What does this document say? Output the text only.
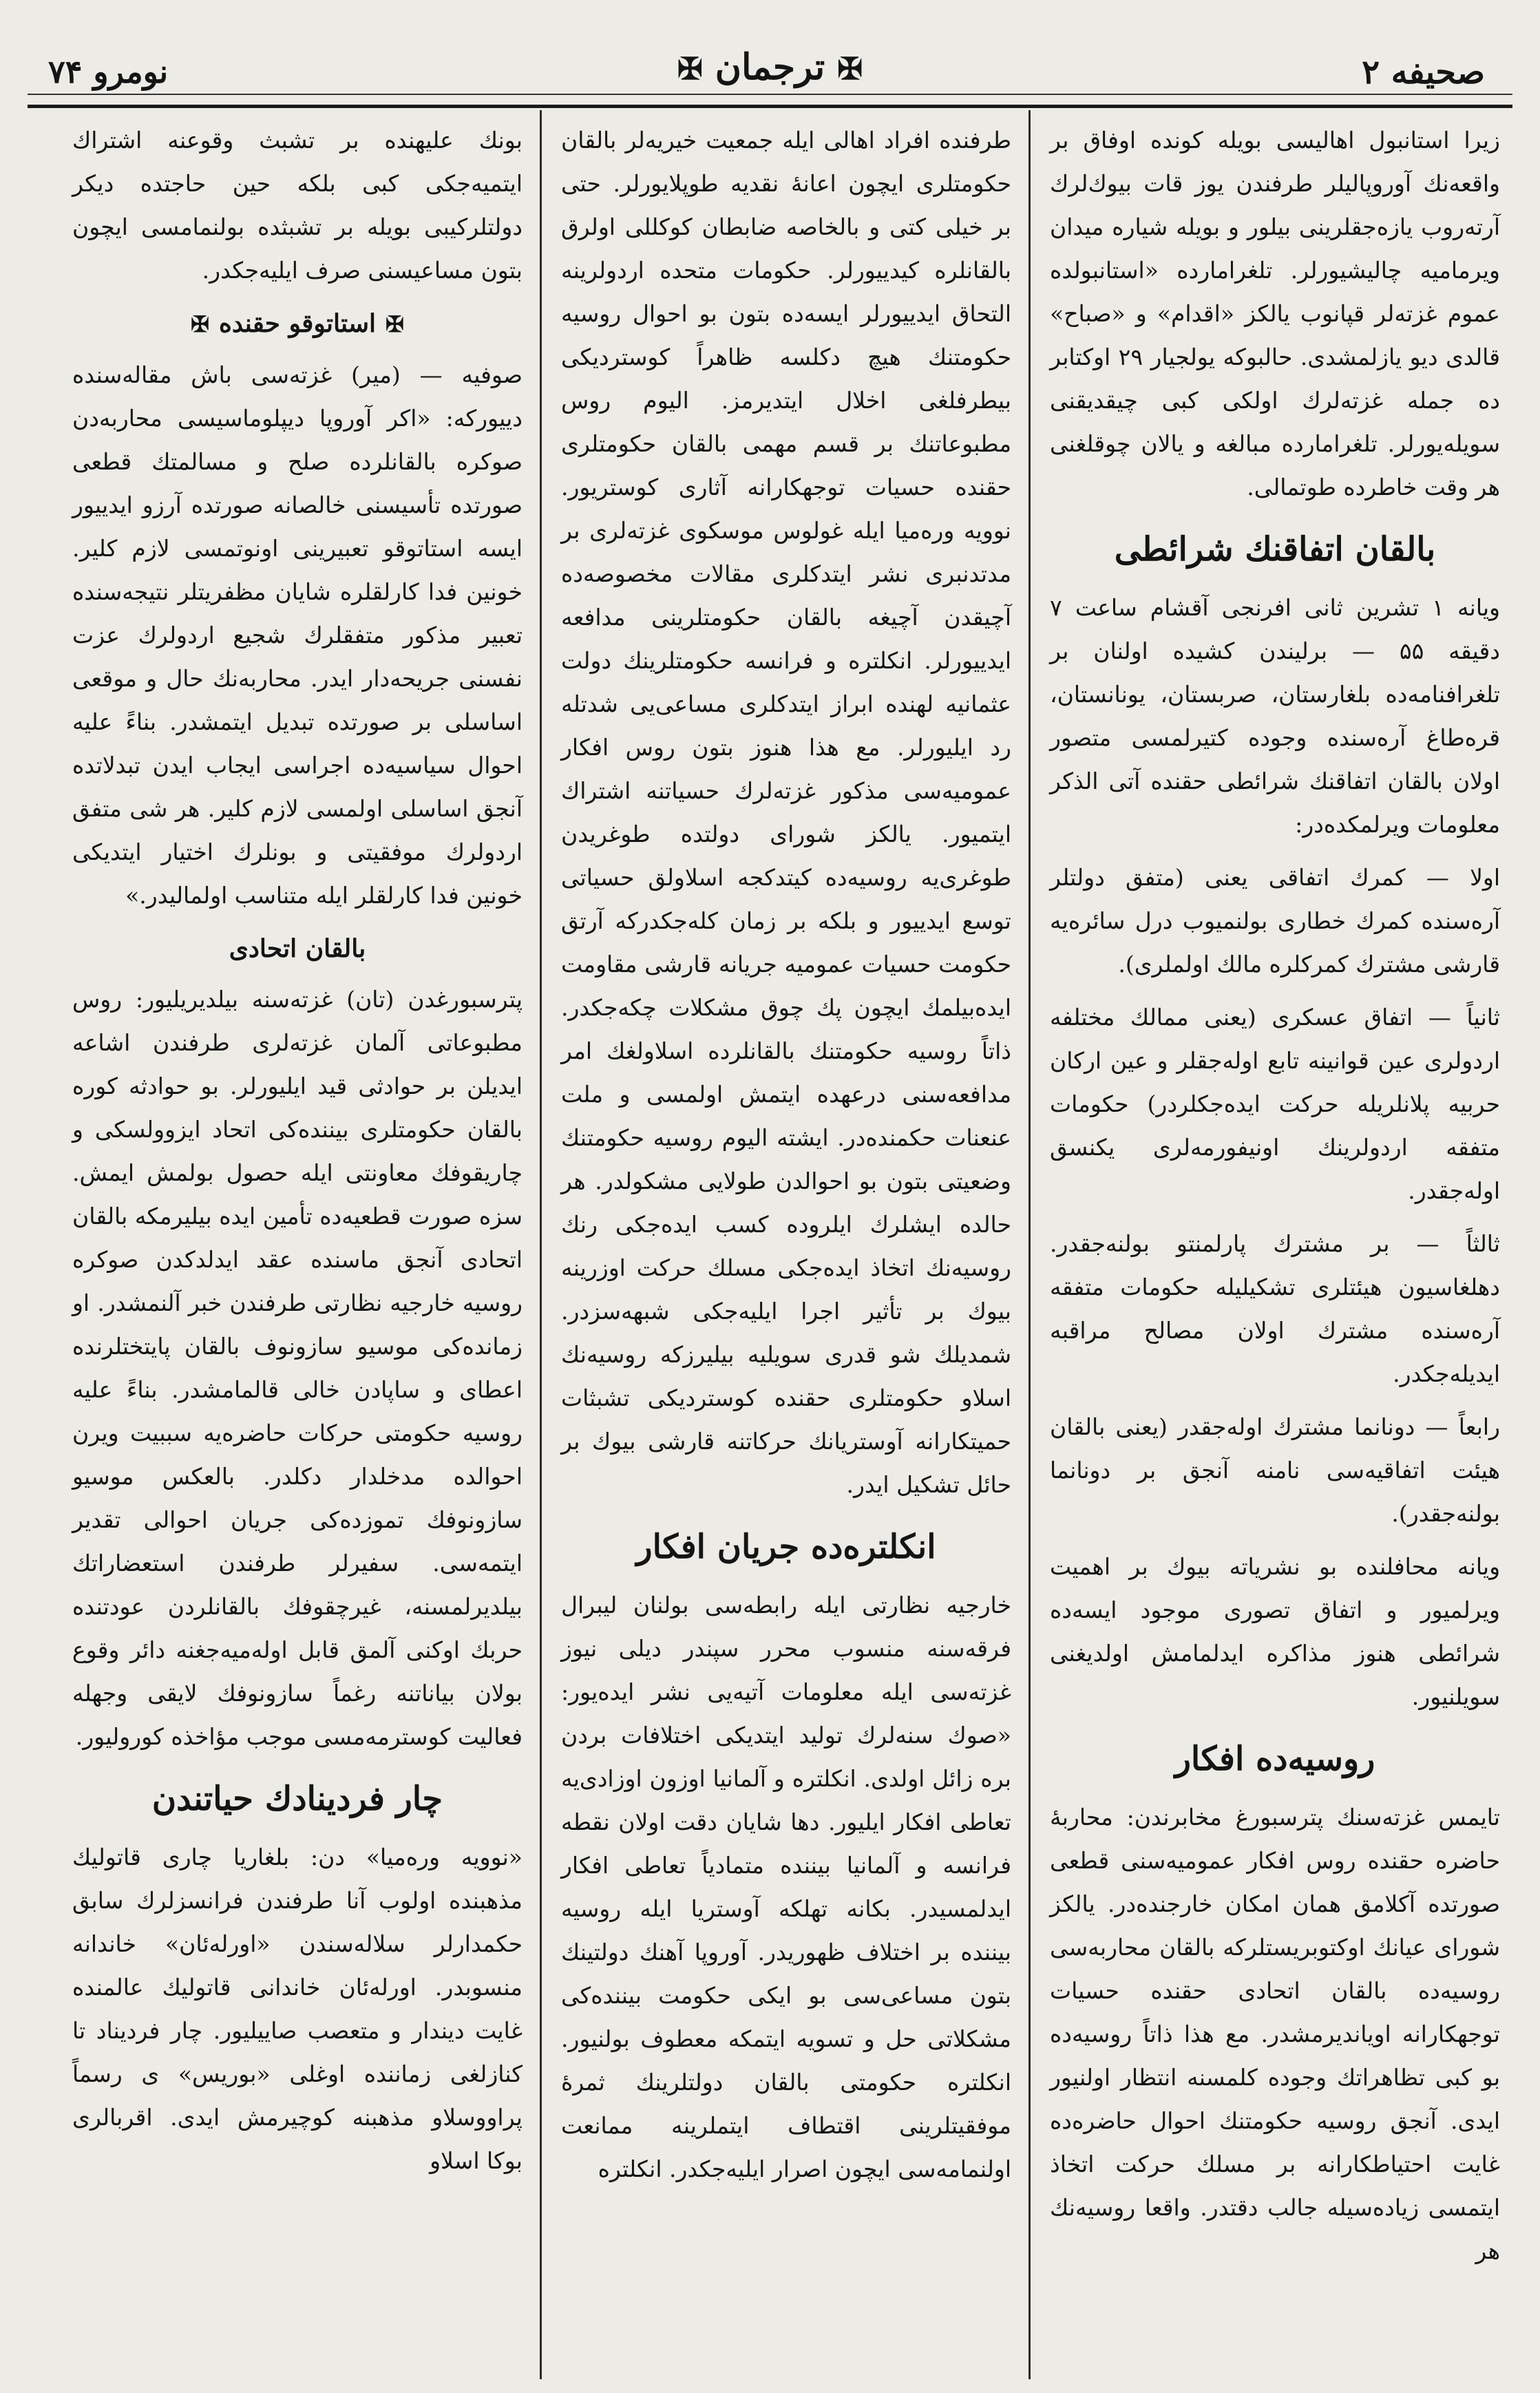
صحیفه ۲
✠ترجمان✠
نومرو ۷۴

زیرا استانبول اهالیسی بویله کونده اوفاق بر واقعه‌نك آوروپالیلر طرفندن یوز قات بیوك‌لرك آرته‌روب یازه‌جقلرینی بیلور و بویله شیاره میدان ویرمامیه چالیشیورلر. تلغرامارده «استانبولده عموم غزته‌لر قپانوب یالکز «اقدام» و «صباح» قالدی دیو یازلمشدی. حالبوکه یولجیار ۲۹ اوکتابر ده جمله غزته‌لرك اولکی کبی چیقدیقنی سویله‌یورلر. تلغرامارده مبالغه و یالان چوقلغنی هر وقت خاطرده طوتمالی.

بالقان اتفاقنك شرائطی

ویانه ۱ تشرین ثانی افرنجی آقشام ساعت ۷ دقیقه ۵۵ — برلیندن کشیده اولنان بر تلغرافنامه‌ده بلغارستان، صربستان، یونانستان، قره‌طاغ آره‌سنده وجوده کتیرلمسی متصور اولان بالقان اتفاقنك شرائطی حقنده آتی الذکر معلومات ویرلمکده‌در:

اولا — کمرك اتفاقی یعنی (متفق دولتلر آره‌سنده کمرك خطاری بولنمیوب درل سائره‌یه قارشی مشترك کمرکلره مالك اولملری).

ثانیاً — اتفاق عسکری (یعنی ممالك مختلفه اردولری عین قوانینه تابع اوله‌جقلر و عین ارکان حربیه پلانلریله حرکت ایده‌جکلردر) حکومات متفقه اردولرینك اونیفورمه‌لری یکنسق اوله‌جقدر.

ثالثاً — بر مشترك پارلمنتو بولنه‌جقدر. دهلغاسیون هیئتلری تشکیلیله حکومات متفقه آره‌سنده مشترك اولان مصالح مراقبه ایدیله‌جکدر.

رابعاً — دونانما مشترك اوله‌جقدر (یعنی بالقان هیئت اتفاقیه‌سی نامنه آنجق بر دونانما بولنه‌جقدر).

ویانه محافلنده بو نشریاته بیوك بر اهمیت ویرلمیور و اتفاق تصوری موجود ایسه‌ده شرائطی هنوز مذاکره ایدلمامش اولدیغنی سویلنیور.

روسیه‌ده افکار

تایمس غزته‌سنك پترسبورغ مخابرندن: محاربهٔ حاضره حقنده روس افکار عمومیه‌سنی قطعی صورتده آکلامق همان امکان خارجنده‌در. یالکز شورای عیانك اوکتوبریستلرکه بالقان محاربه‌سی روسیه‌ده بالقان اتحادی حقنده حسیات توجهکارانه اویاندیرمشدر. مع هذا ذاتاً روسیه‌ده بو کبی تظاهراتك وجوده کلمسنه انتظار اولنیور ایدی. آنجق روسیه حکومتنك احوال حاضره‌ده غایت احتیاطکارانه بر مسلك حرکت اتخاذ ایتمسی زیاده‌سیله جالب دقتدر. واقعا روسیه‌نك هر

طرفنده افراد اهالی ایله جمعیت خیریه‌لر بالقان حکومتلری ایچون اعانهٔ نقدیه طوپلایورلر. حتی بر خیلی کتی و بالخاصه ضابطان کوکللی اولرق بالقانلره کیدییورلر. حکومات متحده اردولرینه التحاق ایدییورلر ایسه‌ده بتون بو احوال روسیه حکومتنك هیچ دکلسه ظاهراً کوستردیکی بیطرفلغی اخلال ایتدیرمز. الیوم روس مطبوعاتنك بر قسم مهمی بالقان حکومتلری حقنده حسیات توجهکارانه آثاری کوستریور. نوویه وره‌میا ایله غولوس موسکوی غزته‌لری بر مدتدنبری نشر ایتدکلری مقالات مخصوصه‌ده آچیقدن آچیغه بالقان حکومتلرینی مدافعه ایدییورلر. انکلتره و فرانسه حکومتلرینك دولت عثمانیه لهنده ابراز ایتدکلری مساعی‌یی شدتله رد ایلیورلر. مع هذا هنوز بتون روس افکار عمومیه‌سی مذکور غزته‌لرك حسیاتنه اشتراك ایتمیور. یالکز شورای دولتده طوغریدن طوغری‌یه روسیه‌ده کیتدکجه اسلاو‌لق حسیاتی توسع ایدییور و بلکه بر زمان کله‌جکدرکه آرتق حکومت حسیات عمومیه جریانه قارشی مقاومت ایده‌بیلمك ایچون پك چوق مشکلات چکه‌جکدر. ذاتاً روسیه حکومتنك بالقانلرده اسلاو‌لغك امر مدافعه‌سنی درعهده ایتمش اولمسی و ملت عنعنات حکمنده‌در. ایشته الیوم روسیه حکومتنك وضعیتی بتون بو احوالدن طولایی مشکولدر. هر حالده ایشلرك ایلروده کسب ایده‌جکی رنك روسیه‌نك اتخاذ ایده‌جکی مسلك حرکت اوزرینه بیوك بر تأثیر اجرا ایلیه‌جکی شبهه‌سزدر. شمدیلك شو قدری سویلیه بیلیرزکه روسیه‌نك اسلاو حکومتلری حقنده کوستردیکی تشبثات حمیتکارانه آوستریانك حرکاتنه قارشی بیوك بر حائل تشکیل ایدر.

انکلتره‌ده جریان افکار

خارجیه نظارتی ایله رابطه‌سی بولنان لیبرال فرقه‌سنه منسوب محرر سپندر دیلی نیوز غزته‌سی ایله معلومات آتیه‌یی نشر ایده‌یور: «صوك سنه‌لرك تولید ایتدیکی اختلافات بردن بره زائل اولدی. انکلتره و آلمانیا اوزون اوزادی‌یه تعاطی افکار ایلیور. دها شایان دقت اولان نقطه فرانسه و آلمانیا بیننده متمادیاً تعاطی افکار ایدلمسیدر. بکانه تهلکه آوستریا ایله روسیه بیننده بر اختلاف ظهوریدر. آوروپا آهنك دولتینك بتون مساعی‌سی بو ایکی حکومت بیننده‌کی مشکلاتی حل و تسویه ایتمکه معطوف بولنیور. انکلتره حکومتی بالقان دولتلرینك ثمرهٔ موفقیتلرینی اقتطاف ایتملرینه ممانعت اولنمامه‌سی ایچون اصرار ایلیه‌جکدر. انکلتره

بونك علیهنده بر تشبث وقوعنه اشتراك ایتمیه‌جکی کبی بلکه حین حاجتده دیکر دولتلرکیبی بویله بر تشبثده بولنمامسی ایچون بتون مساعیسنی صرف ایلیه‌جکدر.

✠استاتوقو حقنده✠

صوفیه — (میر) غزته‌سی باش مقاله‌سنده دییورکه: «اکر آوروپا دیپلوماسیسی محاربه‌دن صوکره بالقانلرده صلح و مسالمتك قطعی صورتده تأسیسنی خالصانه صورتده آرزو ایدییور ایسه استاتوقو تعبیرینی اونوتمسی لازم کلیر. خونین فدا کارلقلره شایان مظفریتلر نتیجه‌سنده تعبیر مذکور متفقلرك شجیع اردولرك عزت نفسنی جریحه‌دار ایدر. محاربه‌نك حال و موقعی اساسلی بر صورتده تبدیل ایتمشدر. بناءً علیه احوال سیاسیه‌ده اجراسی ایجاب ایدن تبدلاتده آنجق اساسلی اولمسی لازم کلیر. هر شی متفق اردولرك موفقیتی و بونلرك اختیار ایتدیکی خونین فدا کارلقلر ایله متناسب اولمالیدر.»

بالقان اتحادی

پترسبورغدن (تان) غزته‌سنه بیلدیریلیور: روس مطبوعاتی آلمان غزته‌لری طرفندن اشاعه ایدیلن بر حوادثی قید ایلیورلر. بو حوادثه کوره بالقان حکومتلری بیننده‌کی اتحاد ایزوولسکی و چاریقوفك معاونتی ایله حصول بولمش ایمش. سزه صورت قطعیه‌ده تأمین ایده بیلیرمکه بالقان اتحادی آنجق ماسنده عقد ایدلدکدن صوکره روسیه خارجیه نظارتی طرفندن خبر آلنمشدر. او زمانده‌کی موسیو سازونوف بالقان پایتختلرنده اعطای و ساپادن خالی قالمامشدر. بناءً علیه روسیه حکومتی حرکات حاضره‌یه سببیت ویرن احوالده مدخلدار دکلدر. بالعکس موسیو سازونوفك تموزده‌کی جریان احوالی تقدیر ایتمه‌سی. سفیرلر طرفندن استعضاراتك بیلدیرلمسنه، غیرچقوفك بالقانلردن عودتنده حربك اوکنی آلمق قابل اوله‌میه‌جغنه دائر وقوع بولان بیاناتنه رغماً سازونوفك لایقی وجهله فعالیت کوسترمه‌مسی موجب مؤاخذه کورولیور.

چار فردینادك حیاتندن

«نوویه وره‌میا» دن: بلغاریا چاری قاتولیك مذهبنده اولوب آنا طرفندن فرانسزلرك سابق حکمدارلر سلاله‌سندن «اورله‌ئان» خاندانه منسوبدر. اورله‌ئان خاندانی قاتولیك عالمنده غایت دیندار و متعصب صاییلیور. چار فردیناد تا کنازلغی زماننده اوغلی «بوریس» ی رسماً پراووسلاو مذهبنه کوچیرمش ایدی. اقربالری بوکا اسلاو
